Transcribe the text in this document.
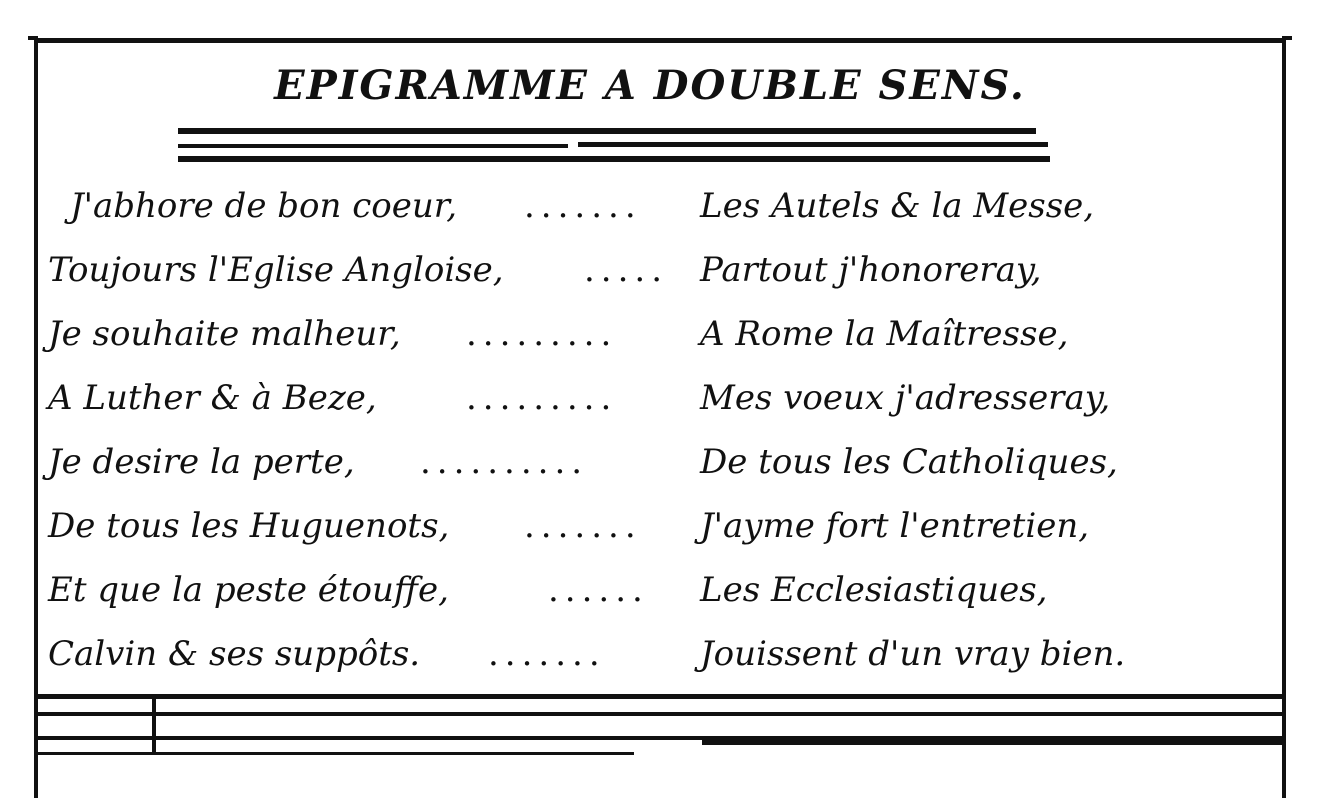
EPIGRAMME A DOUBLE SENS.
J'abhore de bon coeur, ....... Les Autels & la Messe,
Toujours l'Eglise Angloise, ..... Partout j'honoreray,
Je souhaite malheur, ......... A Rome la Maîtresse,
A Luther & à Beze,	......... Mes voeux j'adresseray,
Je desire la perte, ..........	De tous les Catholiques,
De tous les Huguenots, ....... J'ayme fort l'entretien,
Et que la peste étouffe,	...... Les Ecclesiastiques,
Calvin & ses suppôts. .......	Jouissent d'un vray bien.
